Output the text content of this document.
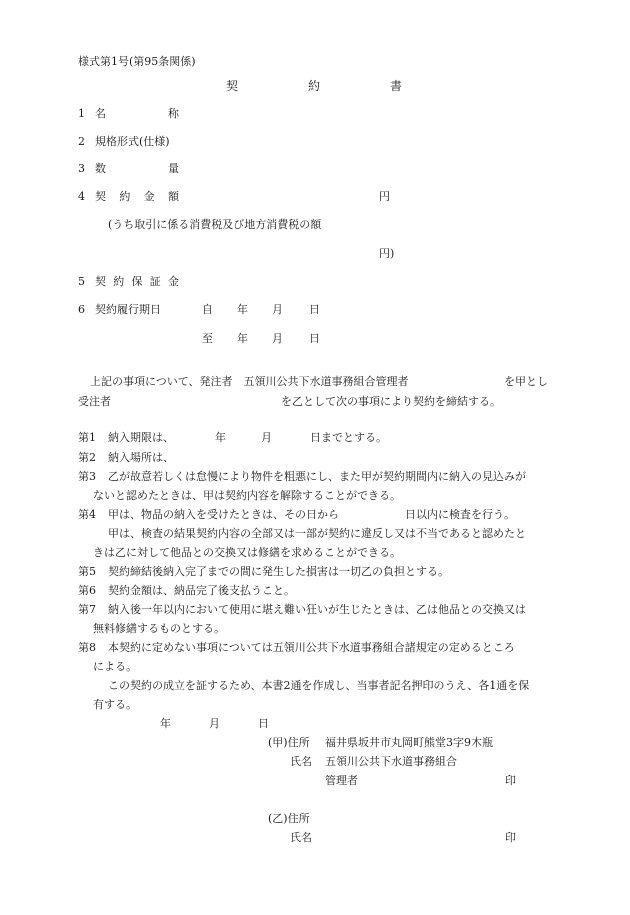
様式第1号(第95条関係)
契	約	書
1 名	称
2 規格形式(仕様)
3 数	量
4 契 約 金 額	円
(うち取引に係る消費税及び地方消費税の額
円)
5 契 約 保 証 金
6 契約履行期日	自 年 月 日
至 年 月 日
上記の事項について、発注者　五領川公共下水道事務組合管理者	を甲とし
受注者	を乙として次の事項により契約を締結する。
第1 納入期限は、	年	月	日までとする。
第2 納入場所は、
第3 乙が故意若しくは怠慢により物件を粗悪にし、また甲が契約期間内に納入の見込みが
ないと認めたときは、甲は契約内容を解除することができる。
第4 甲は、物品の納入を受けたときは、その日から	日以内に検査を行う。
甲は、検査の結果契約内容の全部又は一部が契約に違反し又は不当であると認めたと
きは乙に対して他品との交換又は修繕を求めることができる。
第5 契約締結後納入完了までの間に発生した損害は一切乙の負担とする。
第6 契約金額は、納品完了後支払うこと。
第7 納入後一年以内において使用に堪え難い狂いが生じたときは、乙は他品との交換又は
無料修繕するものとする。
第8 本契約に定めない事項については五領川公共下水道事務組合諸規定の定めるところ
による。
この契約の成立を証するため、本書2通を作成し、当事者記名押印のうえ、各1通を保
有する。
年	月	日
(甲)住所 福井県坂井市丸岡町熊堂3字9木瓶
氏名 五領川公共下水道事務組合
管理者	印
(乙)住所
氏名	印
